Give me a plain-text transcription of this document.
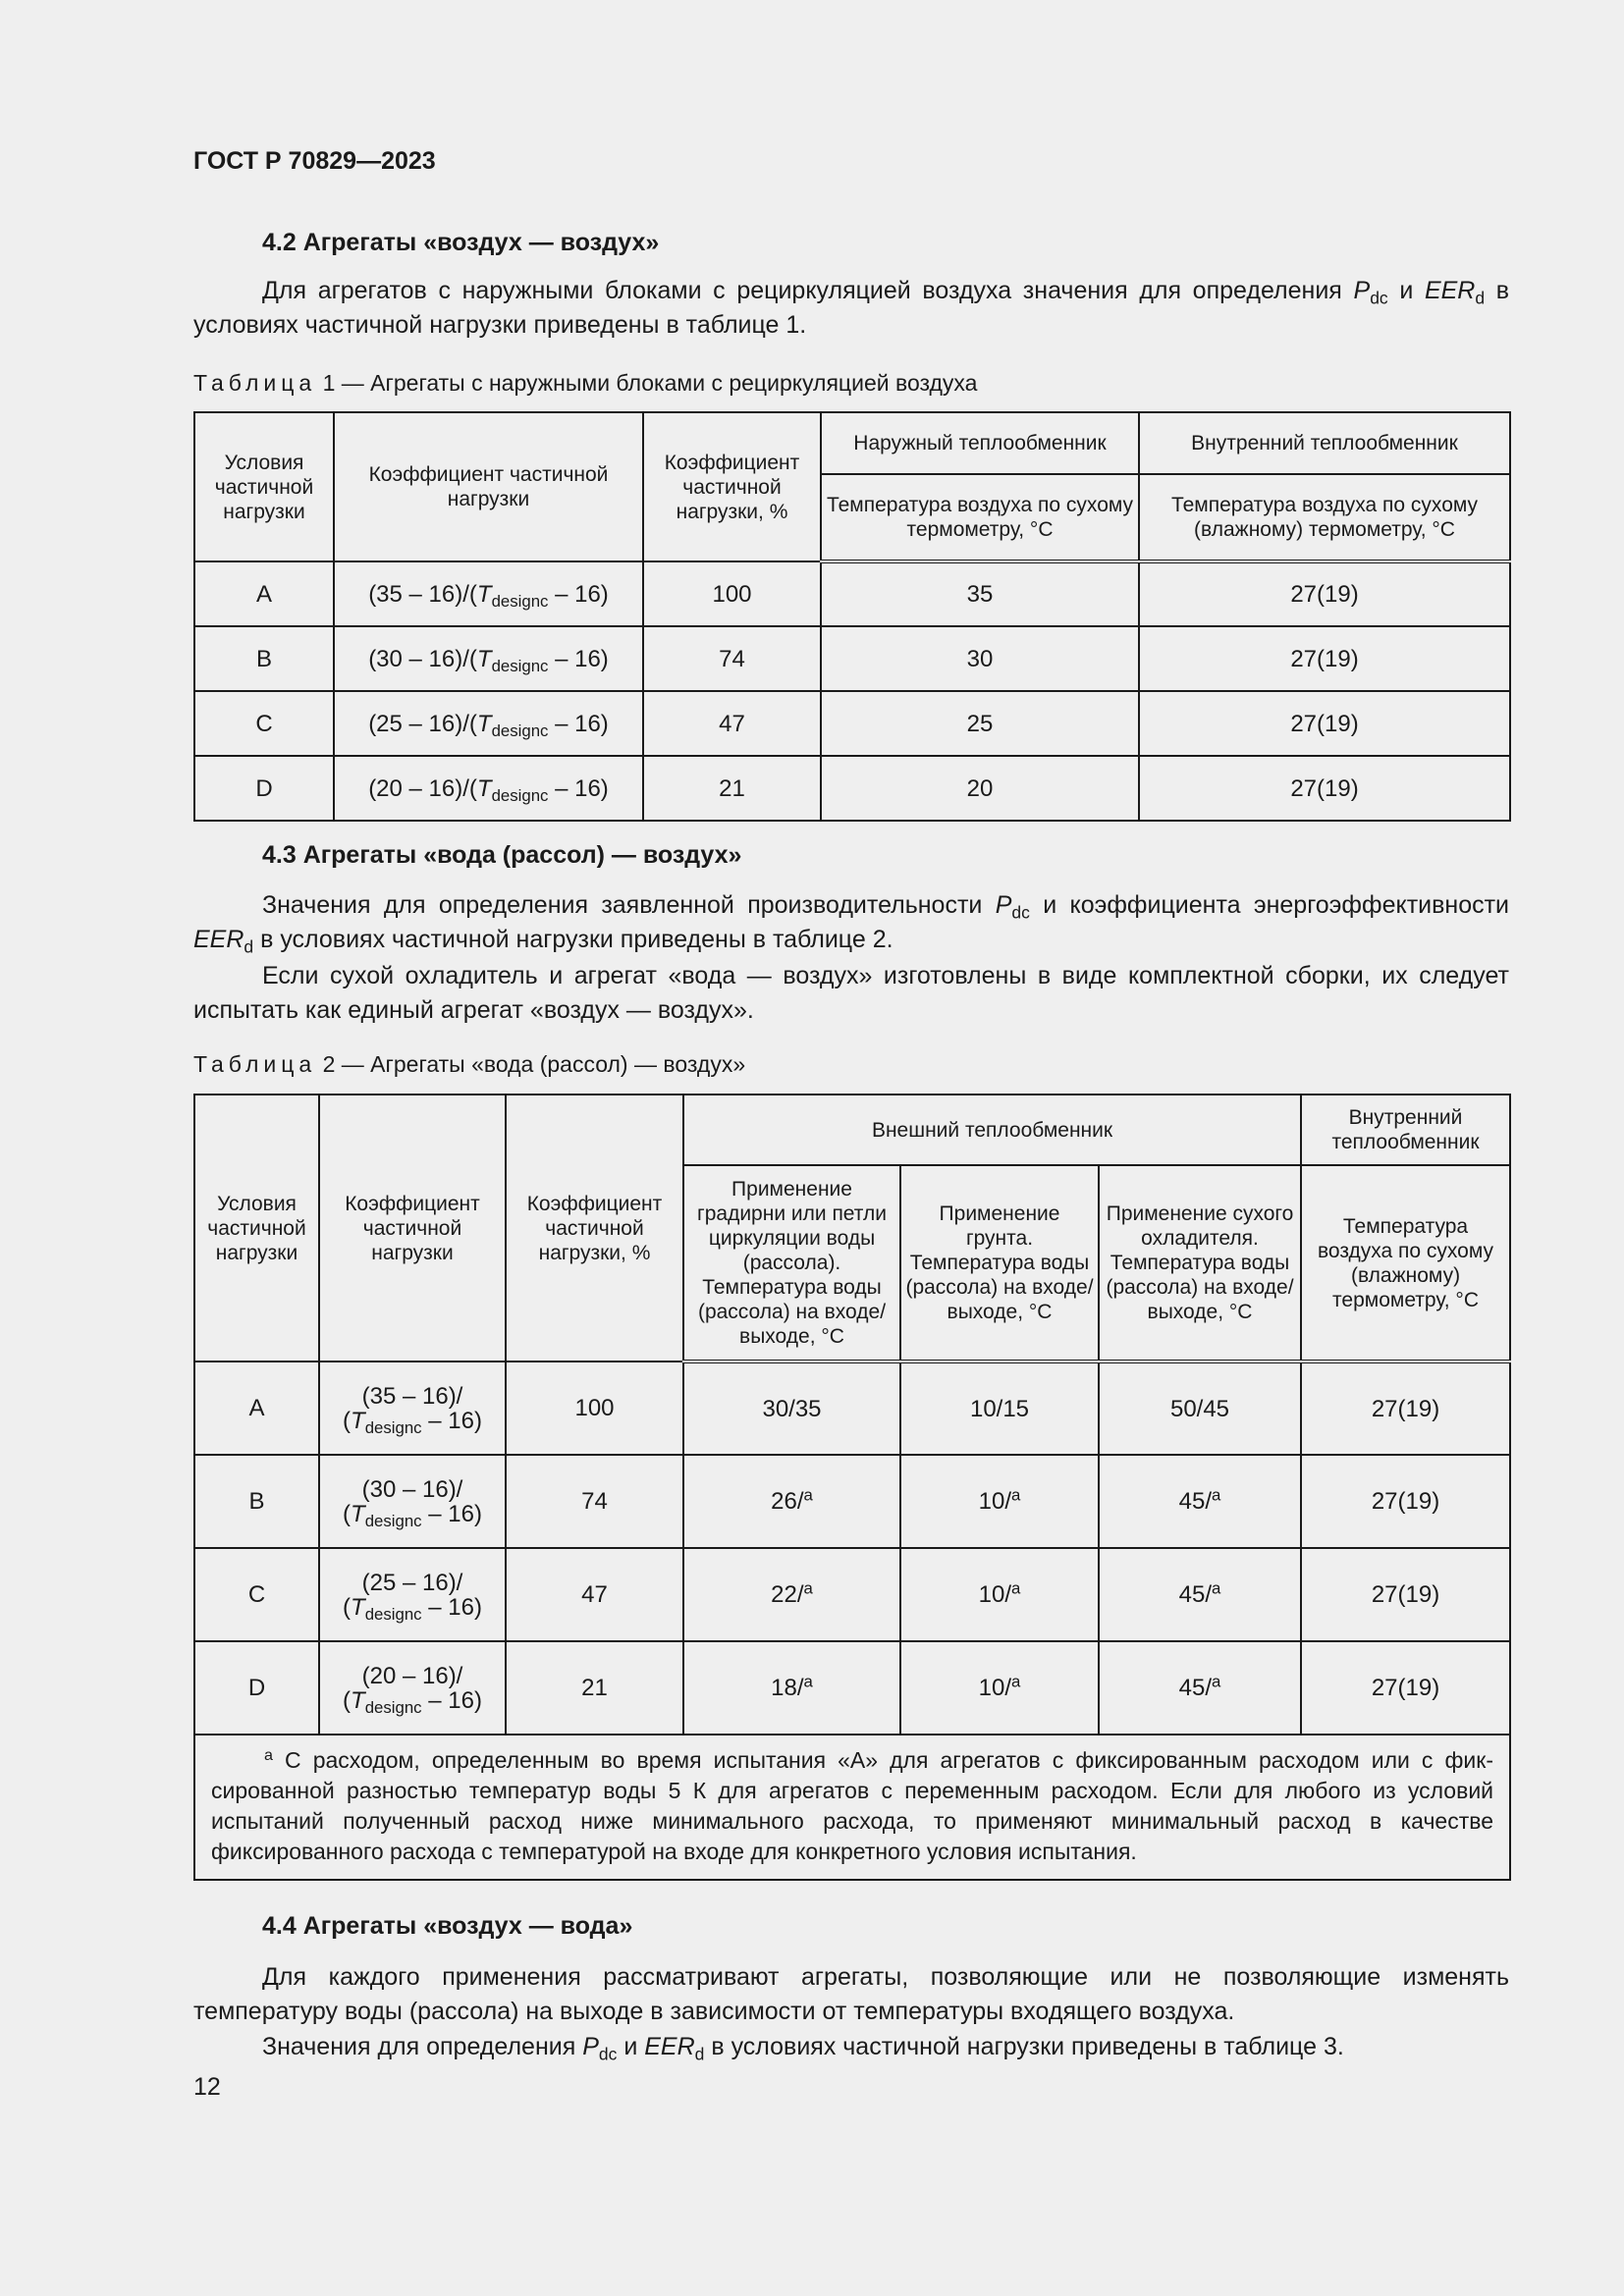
ГОСТ Р 70829—2023
4.2 Агрегаты «воздух — воздух»
Для агрегатов с наружными блоками с рециркуляцией воздуха значения для определения $P_{dc}$ и $EER_d$ в условиях частичной нагрузки приведены в таблице 1.
Таблица 1 — Агрегаты с наружными блоками с рециркуляцией воздуха
Условия частичной нагрузки	Коэффициент частичной нагрузки	Коэффициент частичной нагрузки, %	Наружный теплообменник	Внутренний теплообменник
			Температура воздуха по сухому термометру, °C	Температура воздуха по сухому (влажному) термометру, °C
A	$(35 - 16)/(T_{designc} - 16)$	100	35	27(19)
B	$(30 - 16)/(T_{designc} - 16)$	74	30	27(19)
C	$(25 - 16)/(T_{designc} - 16)$	47	25	27(19)
D	$(20 - 16)/(T_{designc} - 16)$	21	20	27(19)
4.3 Агрегаты «вода (рассол) — воздух»
Значения для определения заявленной производительности $P_{dc}$ и коэффициента энергоэффективности $EER_d$ в условиях частичной нагрузки приведены в таблице 2.
Если сухой охладитель и агрегат «вода — воздух» изготовлены в виде комплектной сборки, их следует испытать как единый агрегат «воздух — воздух».
Таблица 2 — Агрегаты «вода (рассол) — воздух»
Условия частичной нагрузки	Коэффициент частичной нагрузки	Коэффициент частичной нагрузки, %	Внешний теплообменник			Внутренний теплообменник
			Применение градирни или петли циркуляции воды (рассола). Температура воды (рассола) на входе/выходе, °C	Применение грунта. Температура воды (рассола) на входе/ выходе, °C	Применение сухого охладителя. Температура воды (рассола) на входе/ выходе, °C	Температура воздуха по сухому (влажному) термометру, °C
A	(35 – 16)/
$(T_{designc} - 16)$	100	30/35	10/15	50/45	27(19)
B	(30 – 16)/
$(T_{designc} - 16)$	74	26/$^a$	10/$^a$	45/$^a$	27(19)
C	(25 – 16)/
$(T_{designc} - 16)$	47	22/$^a$	10/$^a$	45/$^a$	27(19)
D	(20 – 16)/
$(T_{designc} - 16)$	21	18/$^a$	10/$^a$	45/$^a$	27(19)
$^a$ С расходом, определенным во время испытания «А» для агрегатов с фиксированным расходом или с фиксированной разностью температур воды 5 К для агрегатов с переменным расходом. Если для любого из условий испытаний полученный расход ниже минимального расхода, то применяют минимальный расход в качестве фиксированного расхода с температурой на входе для конкретного условия испытания.						
4.4 Агрегаты «воздух — вода»
Для каждого применения рассматривают агрегаты, позволяющие или не позволяющие изменять температуру воды (рассола) на выходе в зависимости от температуры входящего воздуха.
Значения для определения $P_{dc}$ и $EER_d$ в условиях частичной нагрузки приведены в таблице 3.
12
